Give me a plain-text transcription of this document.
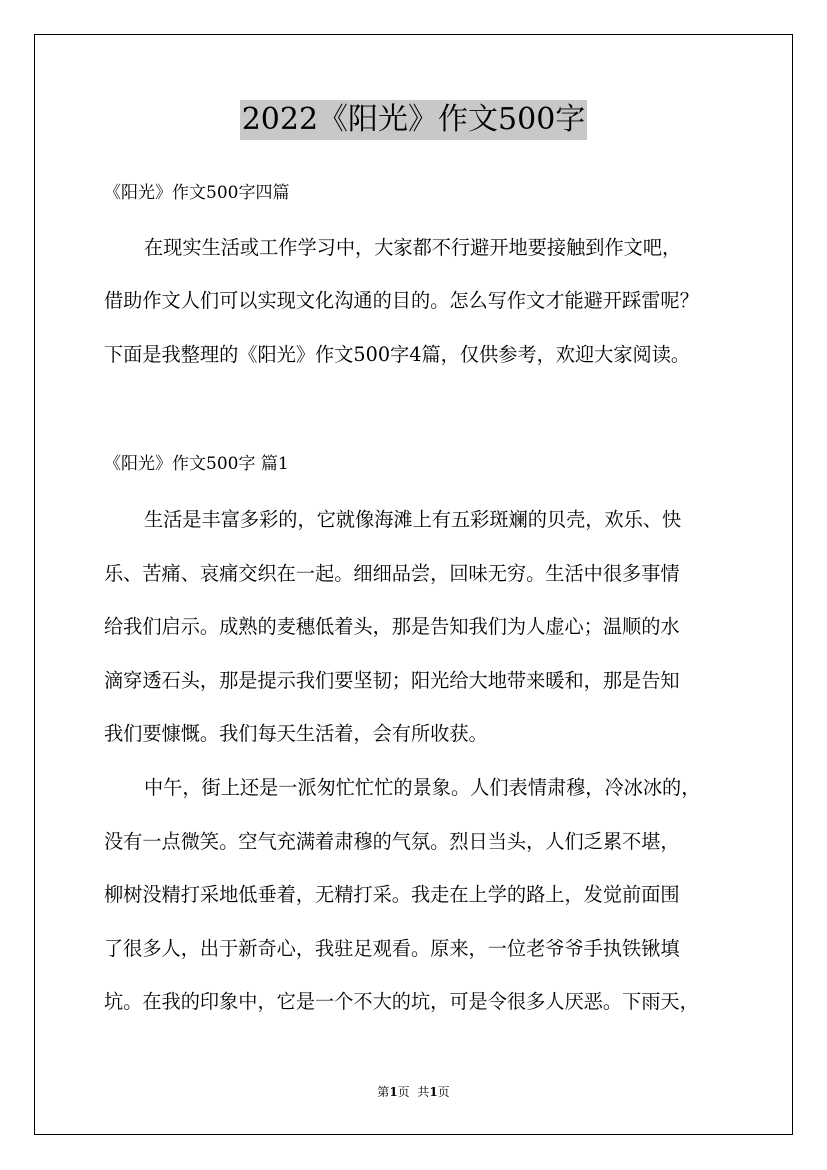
2022《阳光》作文500字
《阳光》作文500字四篇
在现实生活或工作学习中，大家都不行避开地要接触到作文吧，
借助作文人们可以实现文化沟通的目的。怎么写作文才能避开踩雷呢？
下面是我整理的《阳光》作文500字4篇，仅供参考，欢迎大家阅读。
《阳光》作文500字 篇1
生活是丰富多彩的，它就像海滩上有五彩斑斓的贝壳，欢乐、快
乐、苦痛、哀痛交织在一起。细细品尝，回味无穷。生活中很多事情
给我们启示。成熟的麦穗低着头，那是告知我们为人虚心；温顺的水
滴穿透石头，那是提示我们要坚韧；阳光给大地带来暖和，那是告知
我们要慷慨。我们每天生活着，会有所收获。
中午，街上还是一派匆忙忙忙的景象。人们表情肃穆，冷冰冰的，
没有一点微笑。空气充满着肃穆的气氛。烈日当头，人们乏累不堪，
柳树没精打采地低垂着，无精打采。我走在上学的路上，发觉前面围
了很多人，出于新奇心，我驻足观看。原来，一位老爷爷手执铁锹填
坑。在我的印象中，它是一个不大的坑，可是令很多人厌恶。下雨天，
第1页  共1页
